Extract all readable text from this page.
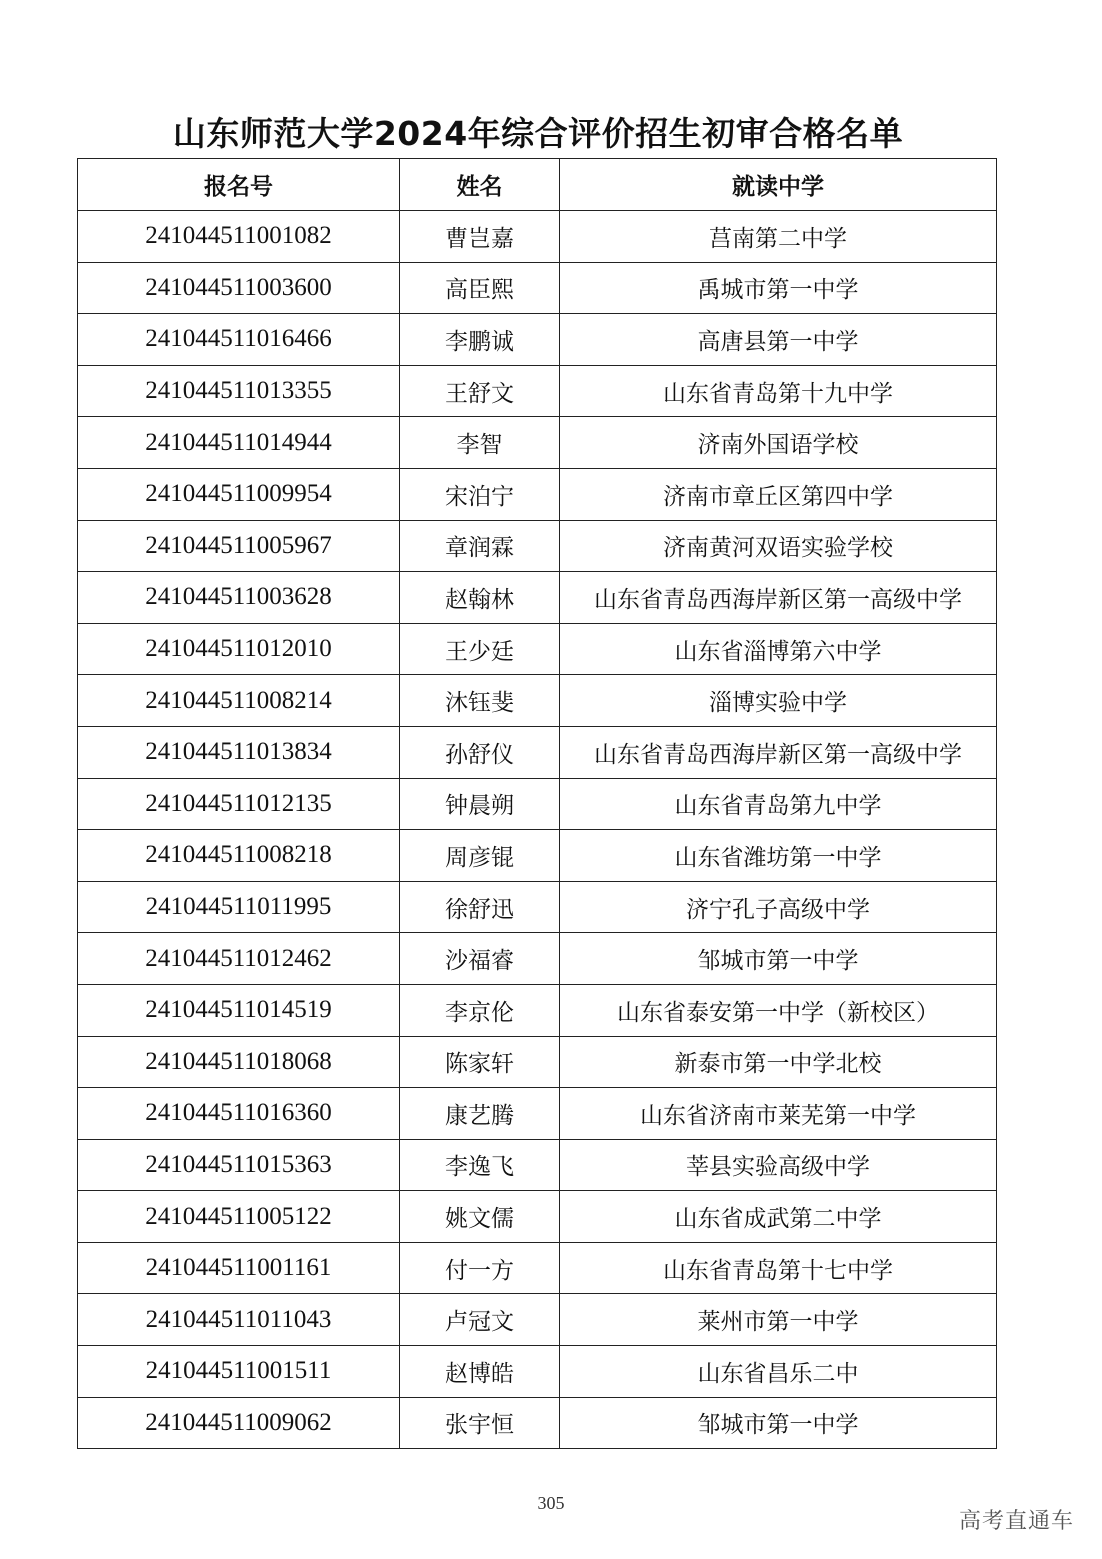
山东师范大学2024年综合评价招生初审合格名单
报名号	姓名	就读中学
241044511001082	曹岂嘉	莒南第二中学
241044511003600	高臣熙	禹城市第一中学
241044511016466	李鹏诚	高唐县第一中学
241044511013355	王舒文	山东省青岛第十九中学
241044511014944	李智	济南外国语学校
241044511009954	宋泊宁	济南市章丘区第四中学
241044511005967	章润霖	济南黄河双语实验学校
241044511003628	赵翰林	山东省青岛西海岸新区第一高级中学
241044511012010	王少廷	山东省淄博第六中学
241044511008214	沐钰斐	淄博实验中学
241044511013834	孙舒仪	山东省青岛西海岸新区第一高级中学
241044511012135	钟晨朔	山东省青岛第九中学
241044511008218	周彦锟	山东省潍坊第一中学
241044511011995	徐舒迅	济宁孔子高级中学
241044511012462	沙福睿	邹城市第一中学
241044511014519	李京伦	山东省泰安第一中学（新校区）
241044511018068	陈家轩	新泰市第一中学北校
241044511016360	康艺腾	山东省济南市莱芜第一中学
241044511015363	李逸飞	莘县实验高级中学
241044511005122	姚文儒	山东省成武第二中学
241044511001161	付一方	山东省青岛第十七中学
241044511011043	卢冠文	莱州市第一中学
241044511001511	赵博皓	山东省昌乐二中
241044511009062	张宇恒	邹城市第一中学
305
高考直通车
